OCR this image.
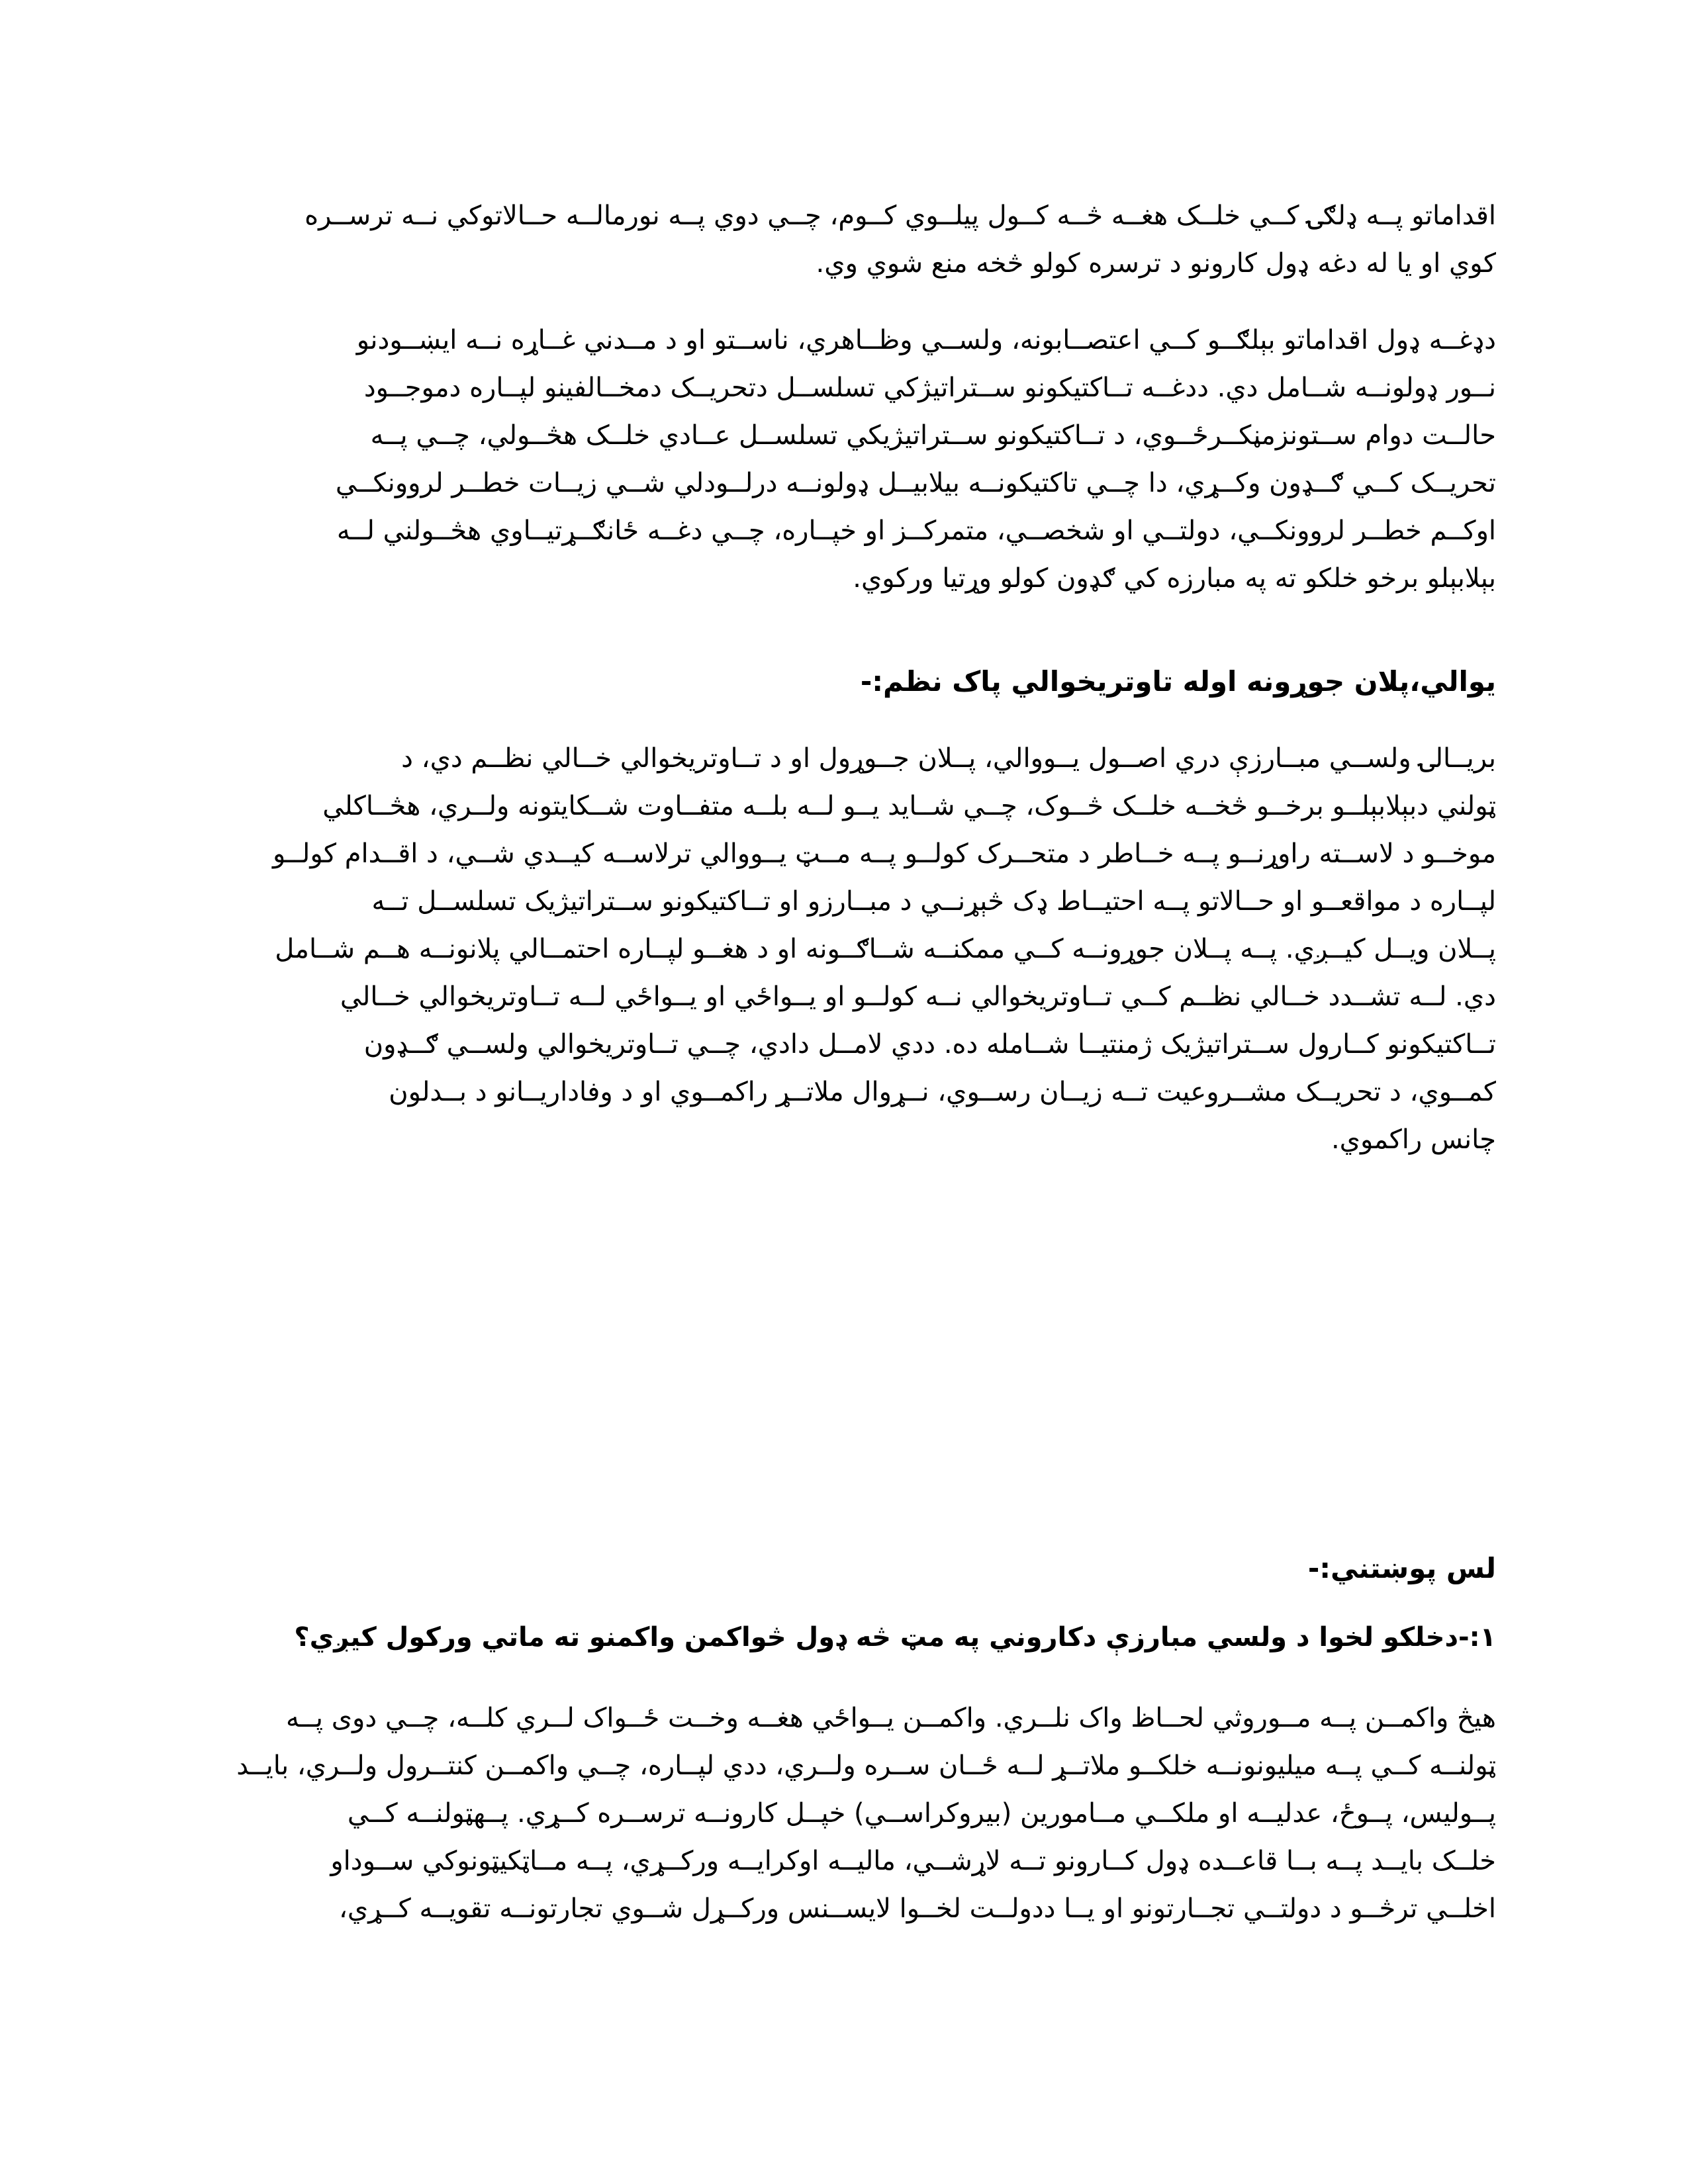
اقداماتو پــه ډلګۍ کــي خلــک هغــه څــه کــول پیلــوي کــوم، چــي دوي پــه نورمالــه حــالاتوکي نــه ترســره
کوي او یا له دغه ډول کارونو د ترسره کولو څخه منع شوي وي.
دډغــه ډول اقداماتو بېلګــو کــي اعتصــابونه، ولســي وظــاهري، ناســتو او د مــدني غــاړه نــه ایښــودنو
نــور ډولونــه شــامل دي. ددغــه تــاکتیکونو ســتراتیژکي تسلســل دتحریــک دمخــالفینو لپــاره دموجــود
حالــت دوام ســتونزمڼکــرځــوي، د تــاکتیکونو ســتراتیژیکي تسلســل عــادي خلــک هڅــولي، چــي پــه
تحریــک کــي ګــډون وکــړي، دا چــي تاکتیکونــه بیلابیــل ډولونــه درلــودلي شــي زیــات خطــر لروونکــي
اوکــم خطــر لروونکــي، دولتــي او شخصــي، متمرکــز او خپــاره، چــي دغــه ځانګــړتیــاوي هڅــولني لــه
بېلابېلو برخو خلکو ته په مبارزه کي ګډون کولو وړتیا ورکوي.
یوالي،پلان جوړونه اوله تاوتریخوالي پاک نظم:-
بریــالۍ ولســي مبــارزې دري اصــول یــووالي، پــلان جــوړول او د تــاوتریخوالي خــالي نظــم دي، د
ټولني دبېلابېلــو برخــو څخــه خلــک څــوک، چــي شــاید یــو لــه بلــه متفــاوت شــکایتونه ولــري، هڅــاکلي
موخــو د لاســته راوړنــو پــه خــاطر د متحــرک کولــو پــه مــټ یــووالي ترلاســه کیــدي شــي، د اقــدام کولــو
لپــاره د مواقعــو او حــالاتو پــه احتیــاط ډک څېړنــي د مبــارزو او تــاکتیکونو ســتراتیژیک تسلســل تــه
پــلان ویــل کیــږي. پــه پــلان جوړونــه کــي ممکنــه شــاګــونه او د هغــو لپــاره احتمــالي پلانونــه هــم شــامل
دي. لــه تشــدد خــالي نظــم کــي تــاوتریخوالي نــه کولــو او یــواځي او یــواځي لــه تــاوتریخوالي خــالي
تــاکتیکونو کــارول ســتراتیژیک ژمنتیــا شــامله ده. ددي لامــل دادي، چــي تــاوتریخوالي ولســي ګــډون
کمــوي، د تحریــک مشــروعیت تــه زیــان رســوي، نــړوال ملاتــړ راکمــوي او د وفاداریــانو د بــدلون
چانس راکموي.
لس پوښتني:-
۱:-دخلکو لخوا د ولسي مبارزې دکاروني په مټ څه ډول څواکمن واکمنو ته ماتي ورکول کیږي؟
هیڅ واکمــن پــه مــوروثي لحــاظ واک نلــري. واکمــن یــواځي هغــه وخــت ځــواک لــري کلــه، چــي دوی پــه
ټولنــه کــي پــه میلیونونــه خلکــو ملاتــړ لــه ځــان ســره ولــري، ددي لپــاره، چــي واکمــن کنتــرول ولــري، بایــد
پــولیس، پــوځ، عدلیــه او ملکــي مــامورین (بیروکراســي) خپــل کارونــه ترســره کــړي. پــهټولنــه کــي
خلــک بایــد پــه بــا قاعــده ډول کــارونو تــه لاړشــي، مالیــه اوکرایــه ورکــړي، پــه مــاټکیټونوکي ســوداو
اخلــي ترڅــو د دولتــي تجــارتونو او یــا ددولــت لخــوا لایســنس ورکــړل شــوي تجارتونــه تقویــه کــړي،
